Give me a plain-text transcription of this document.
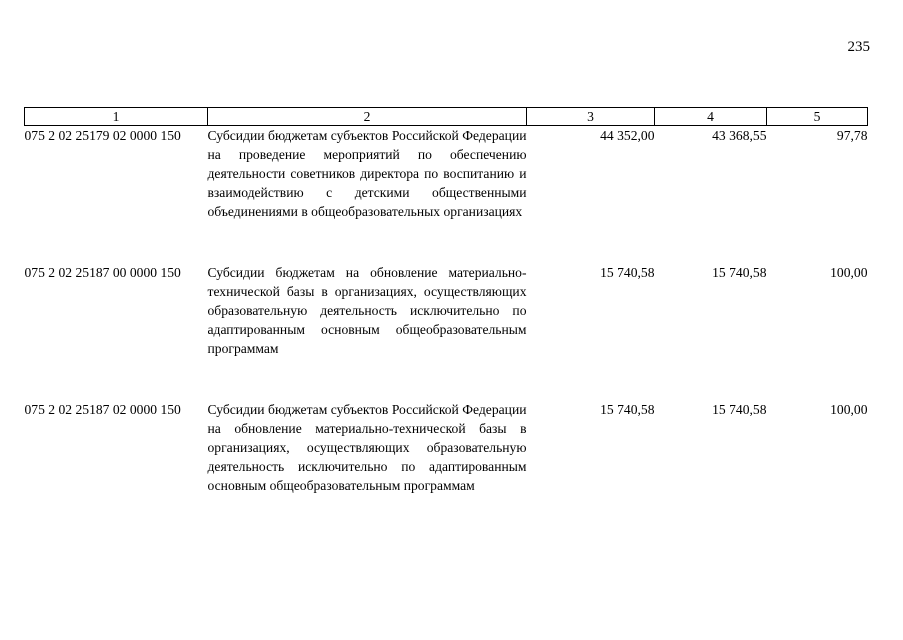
235
1	2	3	4	5
075 2 02 25179 02 0000 150	Субсидии бюджетам субъектов Российской Федерации на проведение мероприятий по обеспечению деятельности советников директора по воспитанию и взаимодействию с детскими общественными объединениями в общеобразовательных организациях	44 352,00	43 368,55	97,78
075 2 02 25187 00 0000 150	Субсидии бюджетам на обновление материально-технической базы в организациях, осуществляющих образовательную деятельность исключительно по адаптированным основным общеобразовательным программам	15 740,58	15 740,58	100,00
075 2 02 25187 02 0000 150	Субсидии бюджетам субъектов Российской Федерации на обновление материально-технической базы в организациях, осуществляющих образовательную деятельность исключительно по адаптированным основным общеобразовательным программам	15 740,58	15 740,58	100,00
